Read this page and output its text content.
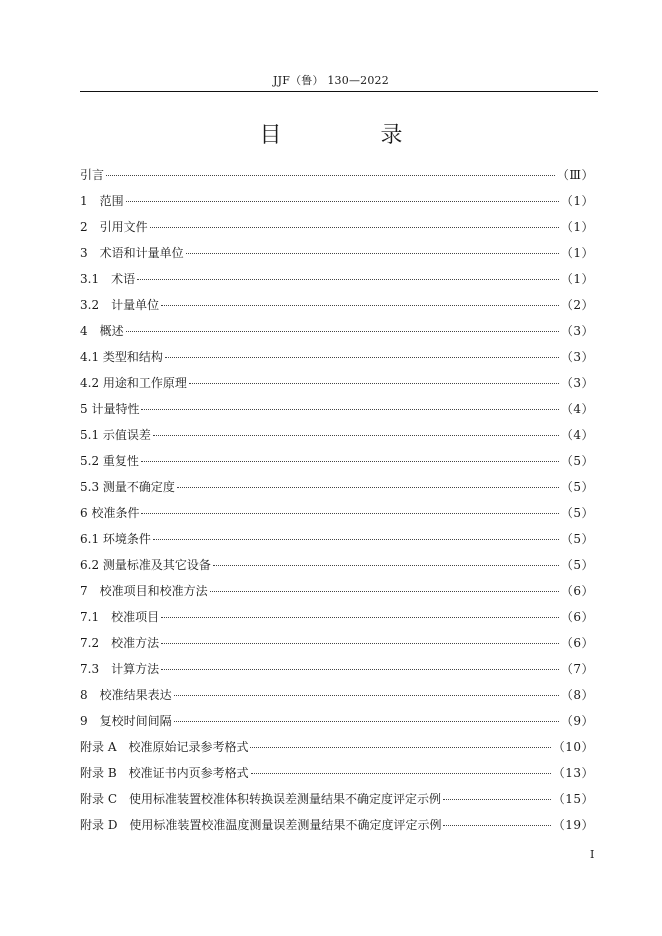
JJF（鲁） 130—2022
目 录
引言	（Ⅲ）
1　范围	（1）
2　引用文件	（1）
3　术语和计量单位	（1）
3.1　术语	（1）
3.2　计量单位	（2）
4　概述	（3）
4.1 类型和结构	（3）
4.2 用途和工作原理	（3）
5 计量特性	（4）
5.1 示值误差	（4）
5.2 重复性	（5）
5.3 测量不确定度	（5）
6 校准条件	（5）
6.1 环境条件	（5）
6.2 测量标准及其它设备	（5）
7　校准项目和校准方法	（6）
7.1　校准项目	（6）
7.2　校准方法	（6）
7.3　计算方法	（7）
8　校准结果表达	（8）
9　复校时间间隔	（9）
附录 A　校准原始记录参考格式	（10）
附录 B　校准证书内页参考格式	（13）
附录 C　使用标准装置校准体积转换误差测量结果不确定度评定示例	（15）
附录 D　使用标准装置校准温度测量误差测量结果不确定度评定示例	（19）
I
